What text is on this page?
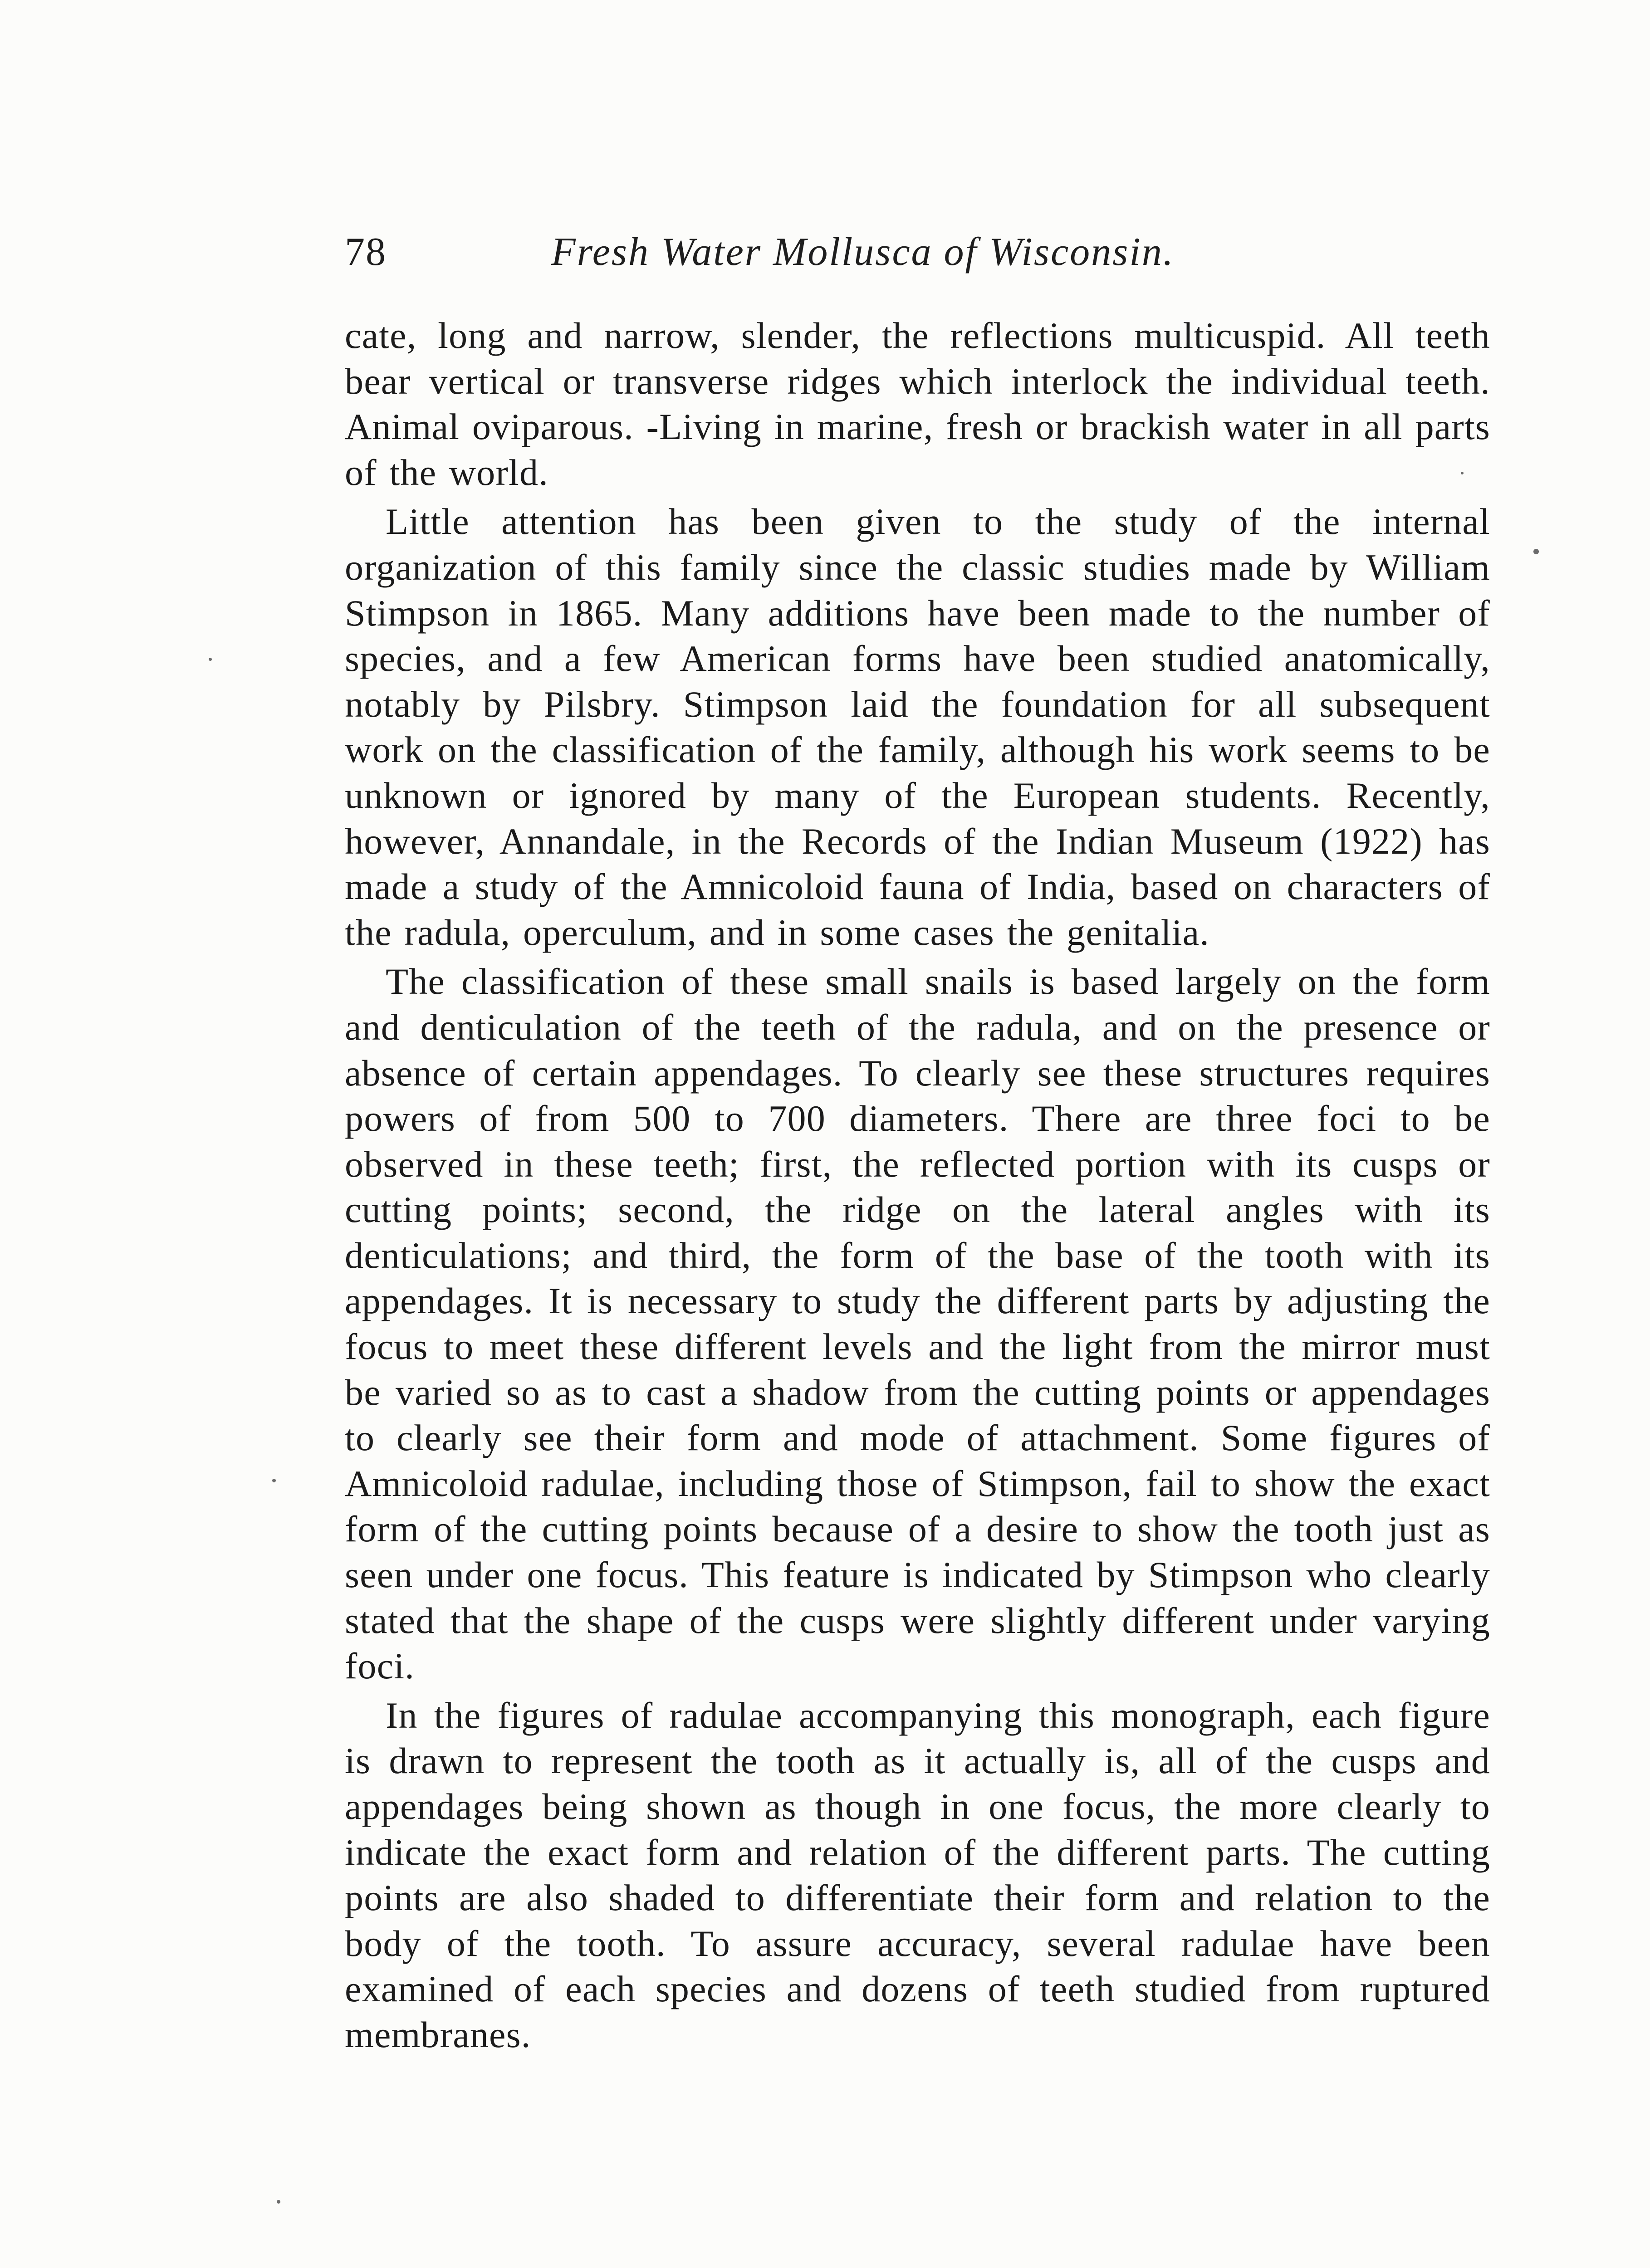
78	Fresh Water Mollusca of Wisconsin.

cate, long and narrow, slender, the reflections multicuspid. All teeth bear vertical or transverse ridges which interlock the individual teeth. Animal oviparous. -Living in marine, fresh or brackish water in all parts of the world.

Little attention has been given to the study of the internal organization of this family since the classic studies made by William Stimpson in 1865. Many additions have been made to the number of species, and a few American forms have been studied anatomically, notably by Pilsbry. Stimpson laid the foundation for all subsequent work on the classification of the family, although his work seems to be unknown or ignored by many of the European students. Recently, however, Annandale, in the Records of the Indian Museum (1922) has made a study of the Amnicoloid fauna of India, based on characters of the radula, operculum, and in some cases the genitalia.

The classification of these small snails is based largely on the form and denticulation of the teeth of the radula, and on the presence or absence of certain appendages. To clearly see these structures requires powers of from 500 to 700 diameters. There are three foci to be observed in these teeth; first, the reflected portion with its cusps or cutting points; second, the ridge on the lateral angles with its denticulations; and third, the form of the base of the tooth with its appendages. It is necessary to study the different parts by adjusting the focus to meet these different levels and the light from the mirror must be varied so as to cast a shadow from the cutting points or appendages to clearly see their form and mode of attachment. Some figures of Amnicoloid radulae, including those of Stimpson, fail to show the exact form of the cutting points because of a desire to show the tooth just as seen under one focus. This feature is indicated by Stimpson who clearly stated that the shape of the cusps were slightly different under varying foci.

In the figures of radulae accompanying this monograph, each figure is drawn to represent the tooth as it actually is, all of the cusps and appendages being shown as though in one focus, the more clearly to indicate the exact form and relation of the different parts. The cutting points are also shaded to differentiate their form and relation to the body of the tooth. To assure accuracy, several radulae have been examined of each species and dozens of teeth studied from ruptured membranes.
